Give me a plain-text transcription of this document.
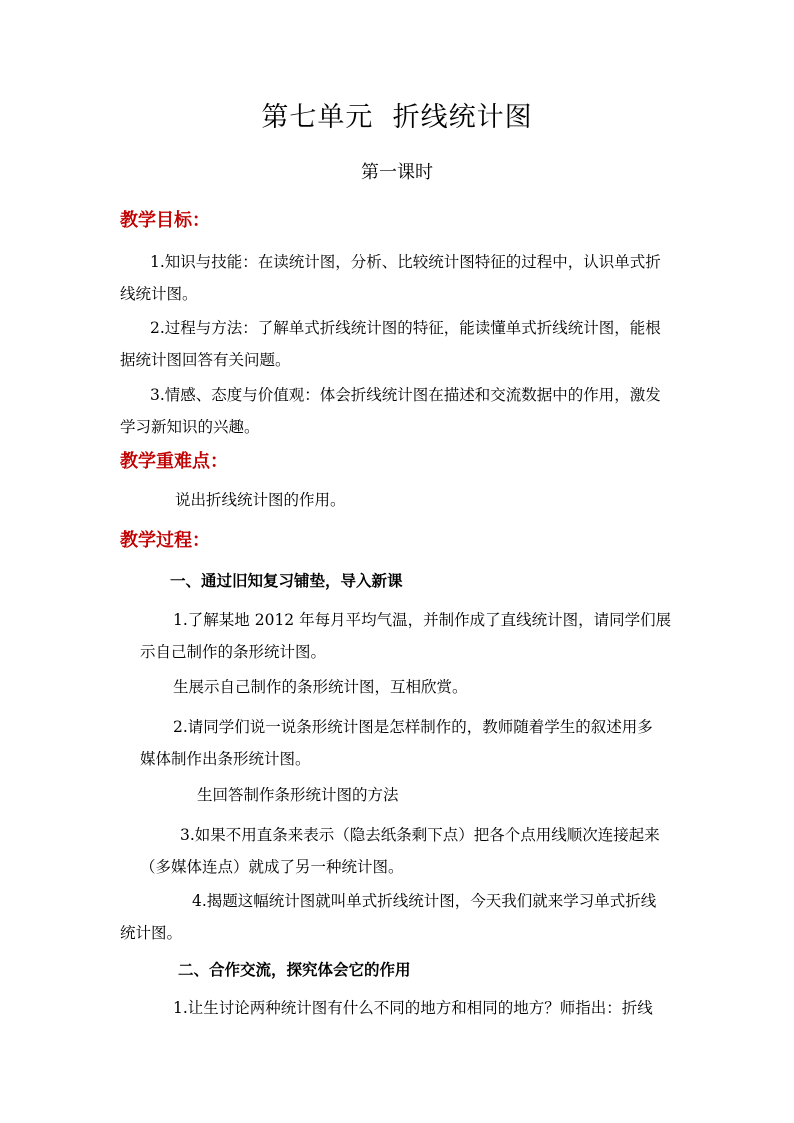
第七单元  折线统计图
第一课时
教学目标：
1.知识与技能：在读统计图，分析、比较统计图特征的过程中，认识单式折
线统计图。
2.过程与方法：了解单式折线统计图的特征，能读懂单式折线统计图，能根
据统计图回答有关问题。
3.情感、态度与价值观：体会折线统计图在描述和交流数据中的作用，激发
学习新知识的兴趣。
教学重难点：
说出折线统计图的作用。
教学过程：
一、通过旧知复习铺垫，导入新课
1.了解某地 2012 年每月平均气温，并制作成了直线统计图，请同学们展
示自己制作的条形统计图。
生展示自己制作的条形统计图，互相欣赏。
2.请同学们说一说条形统计图是怎样制作的，教师随着学生的叙述用多
媒体制作出条形统计图。
生回答制作条形统计图的方法
3.如果不用直条来表示（隐去纸条剩下点）把各个点用线顺次连接起来
（多媒体连点）就成了另一种统计图。
4.揭题这幅统计图就叫单式折线统计图，今天我们就来学习单式折线
统计图。
二、合作交流，探究体会它的作用
1.让生讨论两种统计图有什么不同的地方和相同的地方？师指出：折线
